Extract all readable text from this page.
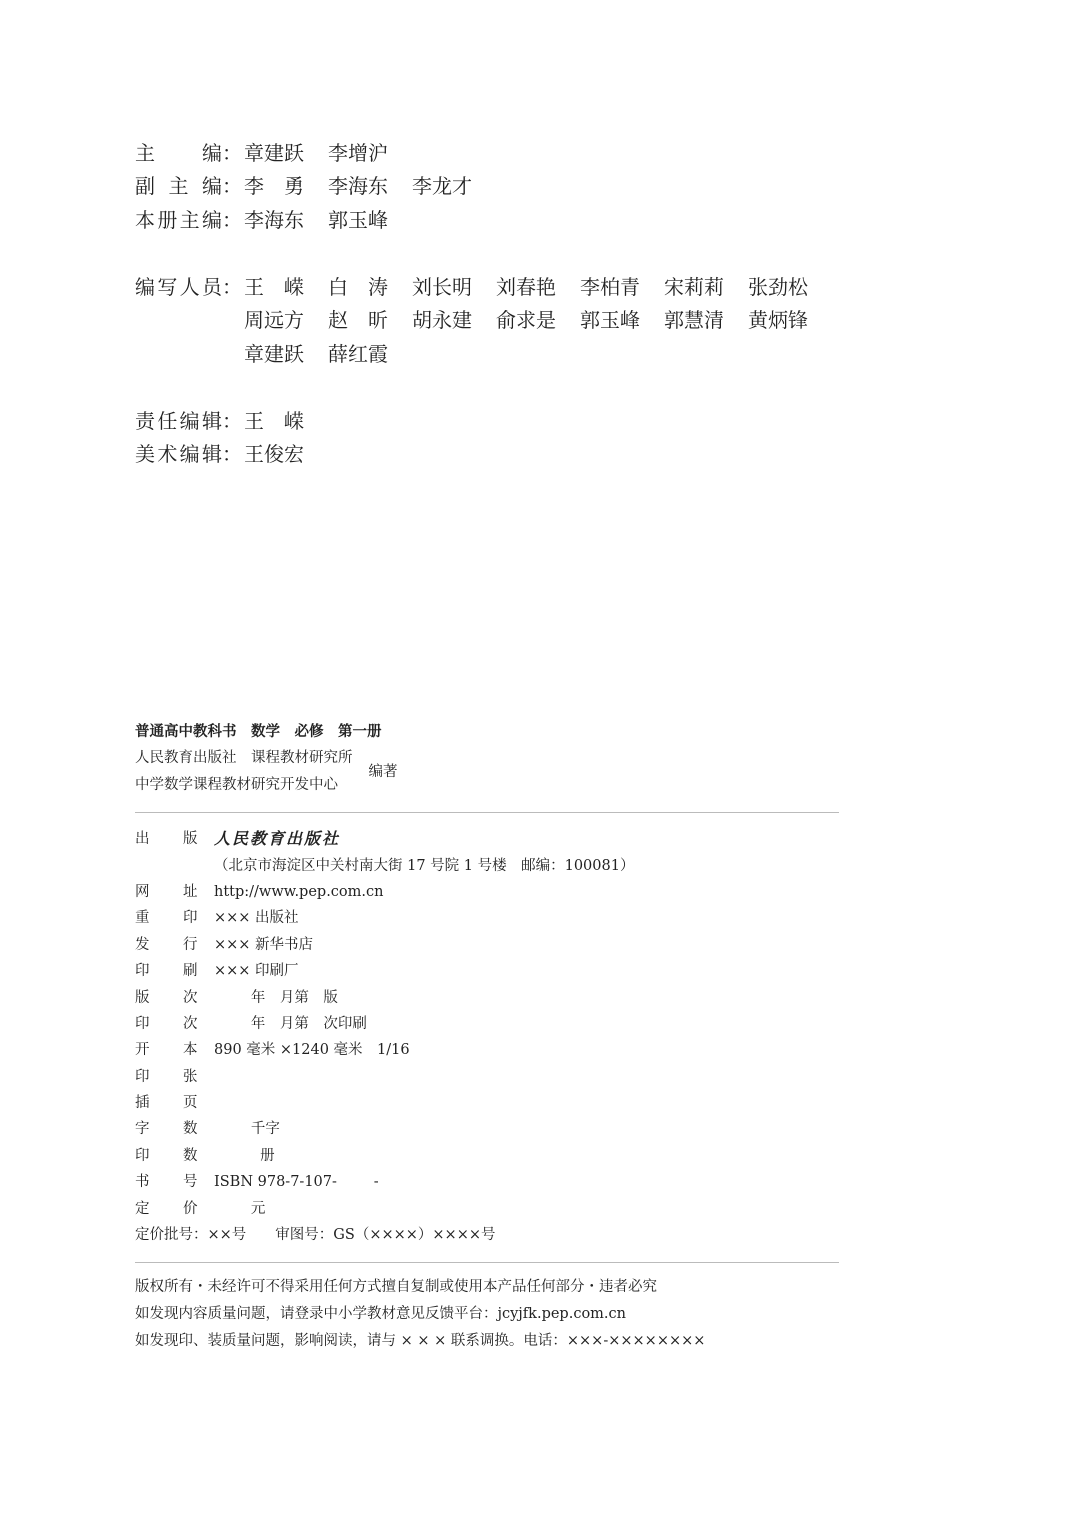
主　　编 ： 章建跃	李增沪
副 主 编 ： 李　勇	李海东	李龙才
本册主编 ： 李海东	郭玉峰
编写人员 ： 王　嵘	白　涛	刘长明	刘春艳	李柏青	宋莉莉	张劲松
周远方	赵　昕	胡永建	俞求是	郭玉峰	郭慧清	黄炳锋
章建跃	薛红霞
责任编辑 ： 王　嵘
美术编辑 ： 王俊宏
普通高中教科书　数学　必修　第一册
人民教育出版社　课程教材研究所
中学数学课程教材研究开发中心
编著
出	版	人民教育出版社
（北京市海淀区中关村南大街 17 号院 1 号楼　邮编：100081）
网	址	http://www.pep.com.cn
重	印	××× 出版社
发	行	××× 新华书店
印	刷	××× 印刷厂
版	次	年　月第　版
印	次	年　月第　次印刷
开	本	890 毫米 ×1240 毫米　1/16
印	张
插	页
字	数	千字
印	数	册
书	号	ISBN 978-7-107-        -
定	价	元
定价批号：××号　　审图号：GS（××××）××××号
版权所有・未经许可不得采用任何方式擅自复制或使用本产品任何部分・违者必究
如发现内容质量问题，请登录中小学教材意见反馈平台：jcyjfk.pep.com.cn
如发现印、装质量问题，影响阅读，请与 × × × 联系调换。电话：×××-××××××××
